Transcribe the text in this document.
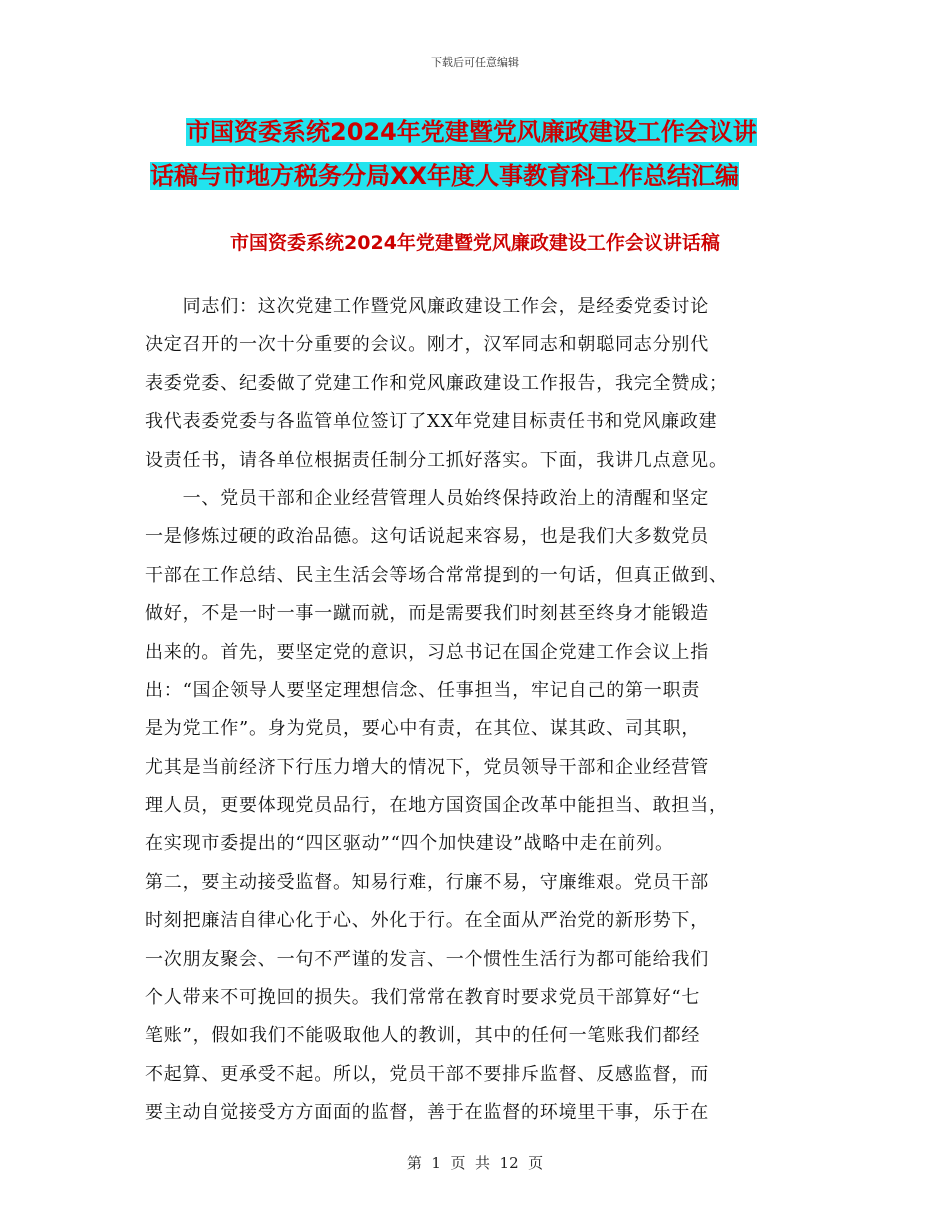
下载后可任意编辑
市国资委系统2024年党建暨党风廉政建设工作会议讲
话稿与市地方税务分局XX年度人事教育科工作总结汇编
市国资委系统2024年党建暨党风廉政建设工作会议讲话稿
　　同志们：这次党建工作暨党风廉政建设工作会，是经委党委讨论
决定召开的一次十分重要的会议。刚才，汉军同志和朝聪同志分别代
表委党委、纪委做了党建工作和党风廉政建设工作报告，我完全赞成；
我代表委党委与各监管单位签订了XX年党建目标责任书和党风廉政建
设责任书，请各单位根据责任制分工抓好落实。下面，我讲几点意见。
　　一、党员干部和企业经营管理人员始终保持政治上的清醒和坚定
一是修炼过硬的政治品德。这句话说起来容易，也是我们大多数党员
干部在工作总结、民主生活会等场合常常提到的一句话，但真正做到、
做好，不是一时一事一蹴而就，而是需要我们时刻甚至终身才能锻造
出来的。首先，要坚定党的意识，习总书记在国企党建工作会议上指
出：“国企领导人要坚定理想信念、任事担当，牢记自己的第一职责
是为党工作”。身为党员，要心中有责，在其位、谋其政、司其职，
尤其是当前经济下行压力增大的情况下，党员领导干部和企业经营管
理人员，更要体现党员品行，在地方国资国企改革中能担当、敢担当，
在实现市委提出的“四区驱动”“四个加快建设”战略中走在前列。
第二，要主动接受监督。知易行难，行廉不易，守廉维艰。党员干部
时刻把廉洁自律心化于心、外化于行。在全面从严治党的新形势下，
一次朋友聚会、一句不严谨的发言、一个惯性生活行为都可能给我们
个人带来不可挽回的损失。我们常常在教育时要求党员干部算好“七
笔账”，假如我们不能吸取他人的教训，其中的任何一笔账我们都经
不起算、更承受不起。所以，党员干部不要排斥监督、反感监督，而
要主动自觉接受方方面面的监督，善于在监督的环境里干事，乐于在
第  1  页  共  12  页
